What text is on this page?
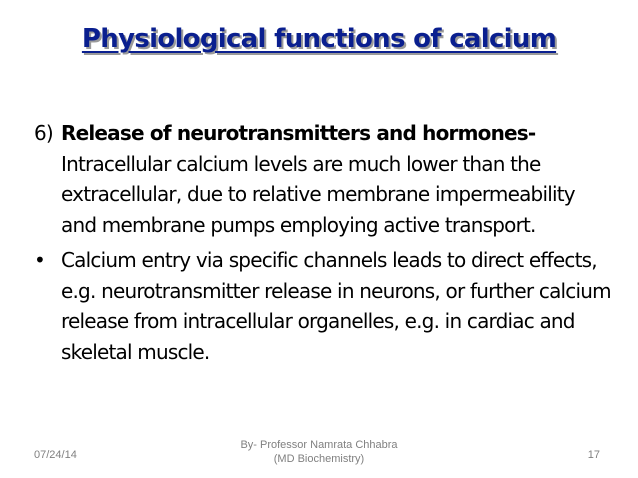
Physiological functions of calcium

6) Release of neurotransmitters and hormones- Intracellular calcium levels are much lower than the extracellular, due to relative membrane impermeability and membrane pumps employing active transport.

• Calcium entry via specific channels leads to direct effects, e.g. neurotransmitter release in neurons, or further calcium release from intracellular organelles, e.g. in cardiac and skeletal muscle.

07/24/14
By- Professor Namrata Chhabra
(MD Biochemistry)	17
